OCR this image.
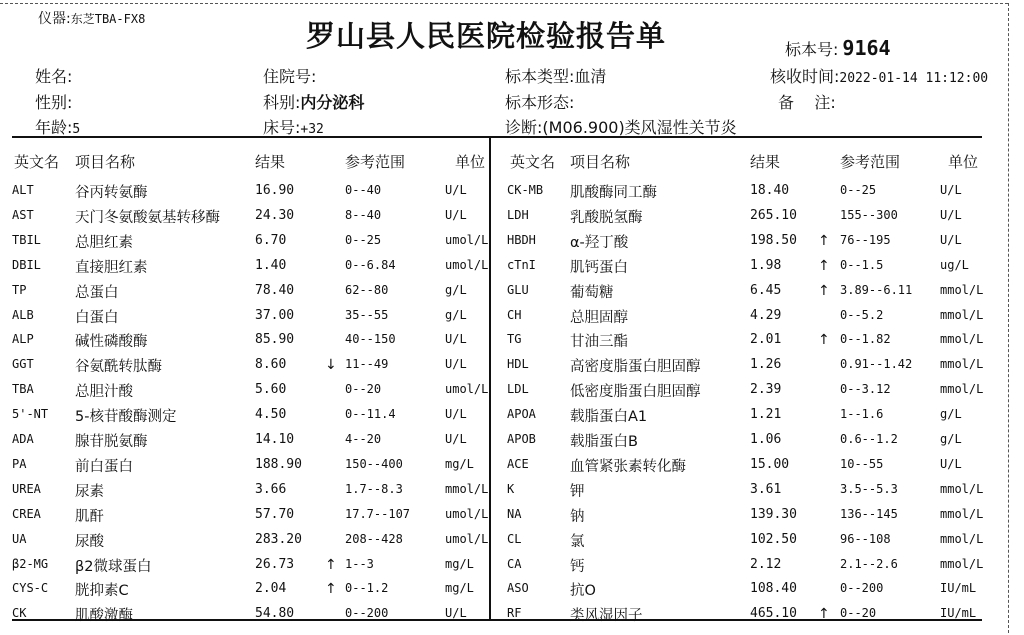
仪器:东芝TBA-FX8	罗山县人民医院检验报告单	标本号: 9164
姓名:
性别:
年龄:5
住院号:
科别:内分泌科
床号:+32
标本类型:血清
标本形态:
诊断:(M06.900)类风湿性关节炎
核收时间:2022-01-14 11:12:00
备    注:
英文名 项目名称	结果	参考范围	单位 英文名 项目名称	结果	参考范围	单位
ALT	谷丙转氨酶	16.90	0--40	U/L
AST	天门冬氨酸氨基转移酶	24.30	8--40	U/L
TBIL 总胆红素	6.70	0--25	umol/L
DBIL 直接胆红素	1.40	0--6.84	umol/L
TP	总蛋白	78.40	62--80	g/L
ALB	白蛋白	37.00	35--55	g/L
ALP	碱性磷酸酶	85.90	40--150	U/L
GGT	谷氨酰转肽酶	8.60	↓ 11--49	U/L
TBA	总胆汁酸	5.60	0--20	umol/L
5'-NT 5-核苷酸酶测定	4.50	0--11.4	U/L
ADA	腺苷脱氨酶	14.10	4--20	U/L
PA	前白蛋白	188.90	150--400	mg/L
UREA 尿素	3.66	1.7--8.3	mmol/L
CREA 肌酐	57.70	17.7--107	umol/L
UA	尿酸	283.20	208--428	umol/L
β2-MG β2微球蛋白	26.73 ↑ 1--3	mg/L
CYS-C 胱抑素C	2.04	↑ 0--1.2	mg/L
CK	肌酸激酶	54.80	0--200	U/L
CK-MB 肌酸酶同工酶	18.40	0--25	U/L
LDH	乳酸脱氢酶	265.10	155--300	U/L
HBDH α-羟丁酸	198.50 ↑ 76--195	U/L
cTnI 肌钙蛋白	1.98	↑ 0--1.5	ug/L
GLU	葡萄糖	6.45	↑ 3.89--6.11 mmol/L
CH	总胆固醇	4.29	0--5.2	mmol/L
TG	甘油三酯	2.01	↑ 0--1.82	mmol/L
HDL	高密度脂蛋白胆固醇	1.26	0.91--1.42 mmol/L
LDL	低密度脂蛋白胆固醇	2.39	0--3.12	mmol/L
APOA 载脂蛋白A1	1.21	1--1.6	g/L
APOB 载脂蛋白B	1.06	0.6--1.2	g/L
ACE	血管紧张素转化酶	15.00	10--55	U/L
K	钾	3.61	3.5--5.3	mmol/L
NA	钠	139.30	136--145	mmol/L
CL	氯	102.50	96--108	mmol/L
CA	钙	2.12	2.1--2.6	mmol/L
ASO	抗O	108.40	0--200	IU/mL
RF	类风湿因子	465.10 ↑ 0--20	IU/mL
